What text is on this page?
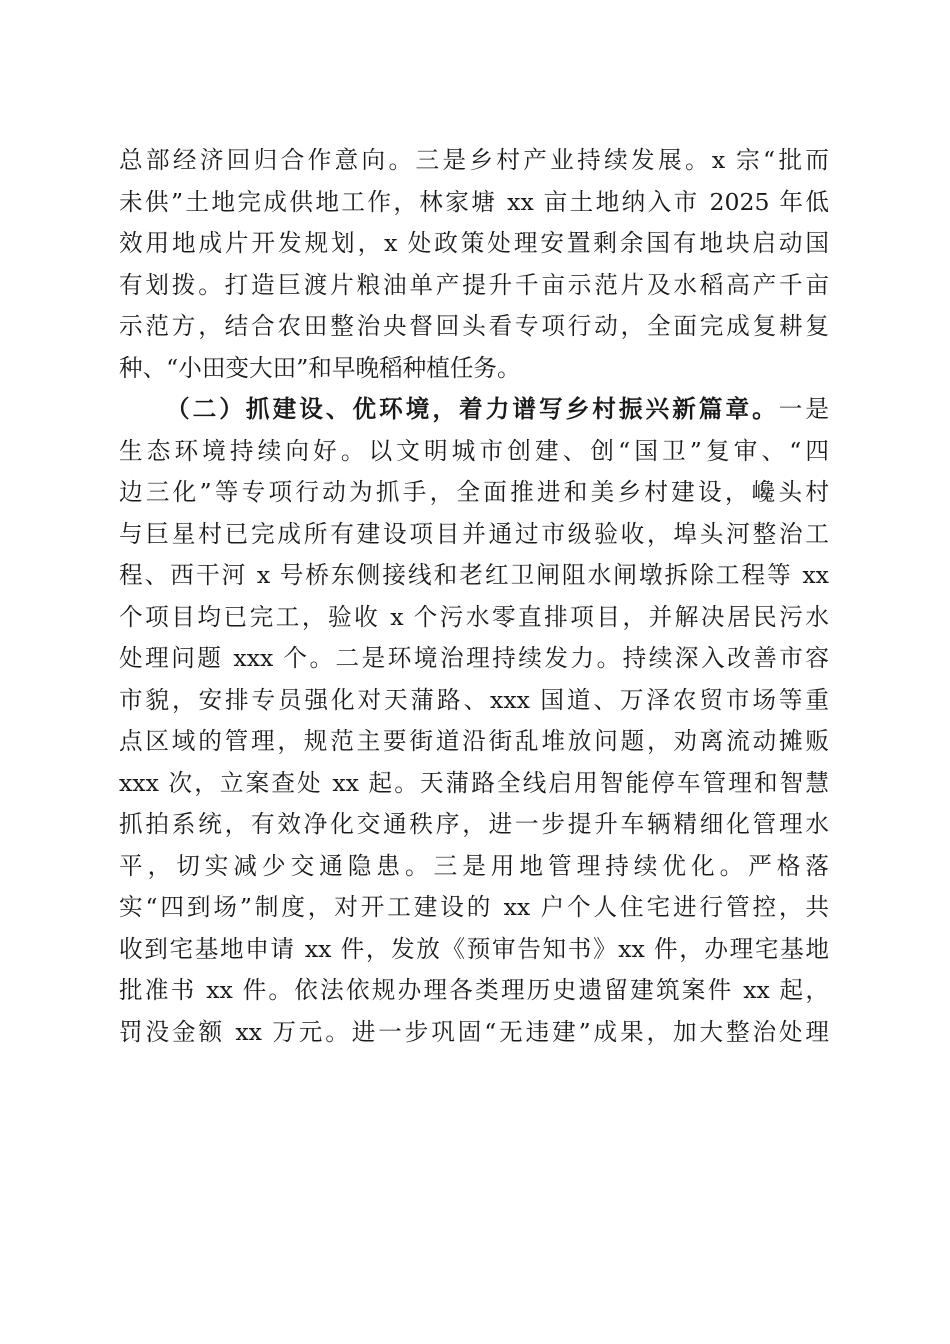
总部经济回归合作意向。三是乡村产业持续发展。x 宗“批而
未供”土地完成供地工作，林家塘 xx 亩土地纳入市 2025 年低
效用地成片开发规划，x 处政策处理安置剩余国有地块启动国
有划拨。打造巨渡片粮油单产提升千亩示范片及水稻高产千亩
示范方，结合农田整治央督回头看专项行动，全面完成复耕复
种、“小田变大田”和早晚稻种植任务。
（二）抓建设、优环境，着力谱写乡村振兴新篇章。一是
生态环境持续向好。以文明城市创建、创“国卫”复审、“四
边三化”等专项行动为抓手，全面推进和美乡村建设，巉头村
与巨星村已完成所有建设项目并通过市级验收，埠头河整治工
程、西干河 x 号桥东侧接线和老红卫闸阻水闸墩拆除工程等 xx
个项目均已完工，验收 x 个污水零直排项目，并解决居民污水
处理问题 xxx 个。二是环境治理持续发力。持续深入改善市容
市貌，安排专员强化对天蒲路、xxx 国道、万泽农贸市场等重
点区域的管理，规范主要街道沿街乱堆放问题，劝离流动摊贩
xxx 次，立案查处 xx 起。天蒲路全线启用智能停车管理和智慧
抓拍系统，有效净化交通秩序，进一步提升车辆精细化管理水
平，切实减少交通隐患。三是用地管理持续优化。严格落
实“四到场”制度，对开工建设的 xx 户个人住宅进行管控，共
收到宅基地申请 xx 件，发放《预审告知书》xx 件，办理宅基地
批准书 xx 件。依法依规办理各类理历史遗留建筑案件 xx 起，
罚没金额 xx 万元。进一步巩固“无违建”成果，加大整治处理
